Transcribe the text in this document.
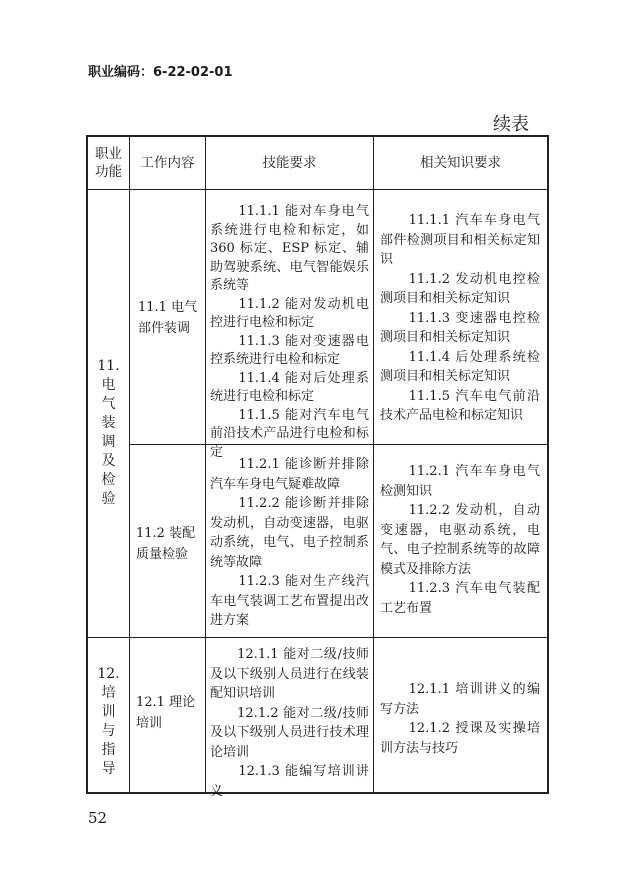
职业编码：6-22-02-01
续表
职业
功能
工作内容	技能要求	相关知识要求
11.
电
气
装
调
及
检
验
11.1 电气
部件装调
　　11.1.1 能对车身电气系统进行电检和标定，如 360 标定、ESP 标定、辅助驾驶系统、电气智能娱乐系统等
　　11.1.2 能对发动机电控进行电检和标定
　　11.1.3 能对变速器电控系统进行电检和标定
　　11.1.4 能对后处理系统进行电检和标定
　　11.1.5 能对汽车电气前沿技术产品进行电检和标定
　　11.1.1 汽车车身电气部件检测项目和相关标定知识
　　11.1.2 发动机电控检测项目和相关标定知识
　　11.1.3 变速器电控检测项目和相关标定知识
　　11.1.4 后处理系统检测项目和相关标定知识
　　11.1.5 汽车电气前沿技术产品电检和标定知识
11.2 装配
质量检验
　　11.2.1 能诊断并排除汽车车身电气疑难故障
　　11.2.2 能诊断并排除发动机，自动变速器，电驱动系统，电气、电子控制系统等故障
　　11.2.3 能对生产线汽车电气装调工艺布置提出改进方案
　　11.2.1 汽车车身电气检测知识
　　11.2.2 发动机，自动变速器，电驱动系统，电气、电子控制系统等的故障模式及排除方法
　　11.2.3 汽车电气装配工艺布置
12.
培
训
与
指
导
12.1 理论
培训
　　12.1.1 能对二级/技师及以下级别人员进行在线装配知识培训
　　12.1.2 能对二级/技师及以下级别人员进行技术理论培训
　　12.1.3 能编写培训讲义
　　12.1.1 培训讲义的编写方法
　　12.1.2 授课及实操培训方法与技巧
52
